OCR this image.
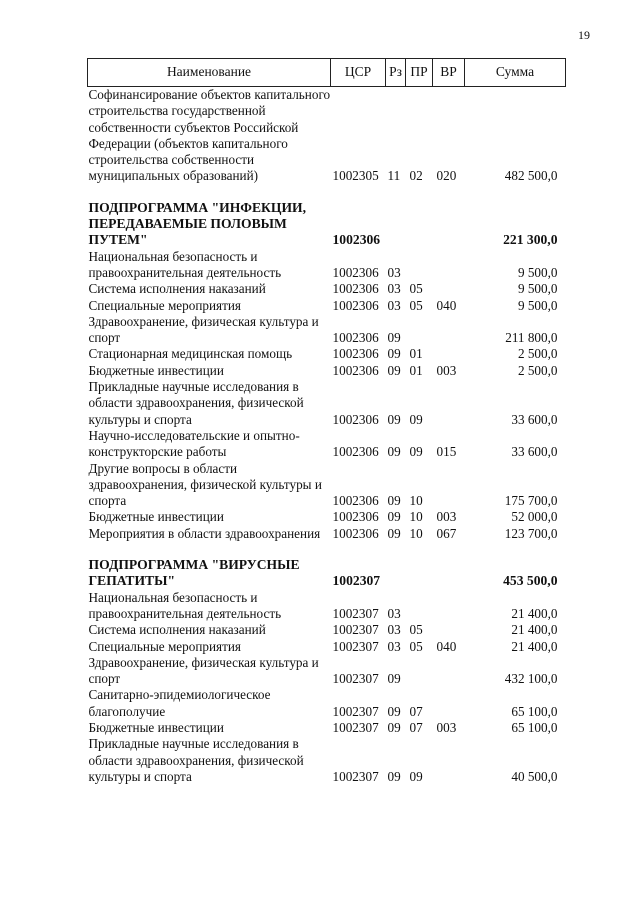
19
Наименование	ЦСР	Рз	ПР	ВР	Сумма
Софинансирование объектов капитального строительства государственной собственности субъектов Российской Федерации (объектов капитального строительства собственности муниципальных образований)	1002305	11	02	020	482 500,0
ПОДПРОГРАММА "ИНФЕКЦИИ, ПЕРЕДАВАЕМЫЕ ПОЛОВЫМ ПУТЕМ"	1002306				221 300,0
Национальная безопасность и правоохранительная деятельность	1002306	03			9 500,0
Система исполнения наказаний	1002306	03	05		9 500,0
Специальные мероприятия	1002306	03	05	040	9 500,0
Здравоохранение, физическая культура и спорт	1002306	09			211 800,0
Стационарная медицинская помощь	1002306	09	01		2 500,0
Бюджетные инвестиции	1002306	09	01	003	2 500,0
Прикладные научные исследования в области здравоохранения, физической культуры и спорта	1002306	09	09		33 600,0
Научно-исследовательские и опытно-конструкторские работы	1002306	09	09	015	33 600,0
Другие вопросы в области здравоохранения, физической культуры и спорта	1002306	09	10		175 700,0
Бюджетные инвестиции	1002306	09	10	003	52 000,0
Мероприятия в области здравоохранения	1002306	09	10	067	123 700,0
ПОДПРОГРАММА "ВИРУСНЫЕ ГЕПАТИТЫ"	1002307				453 500,0
Национальная безопасность и правоохранительная деятельность	1002307	03			21 400,0
Система исполнения наказаний	1002307	03	05		21 400,0
Специальные мероприятия	1002307	03	05	040	21 400,0
Здравоохранение, физическая культура и спорт	1002307	09			432 100,0
Санитарно-эпидемиологическое благополучие	1002307	09	07		65 100,0
Бюджетные инвестиции	1002307	09	07	003	65 100,0
Прикладные научные исследования в области здравоохранения, физической культуры и спорта	1002307	09	09		40 500,0
